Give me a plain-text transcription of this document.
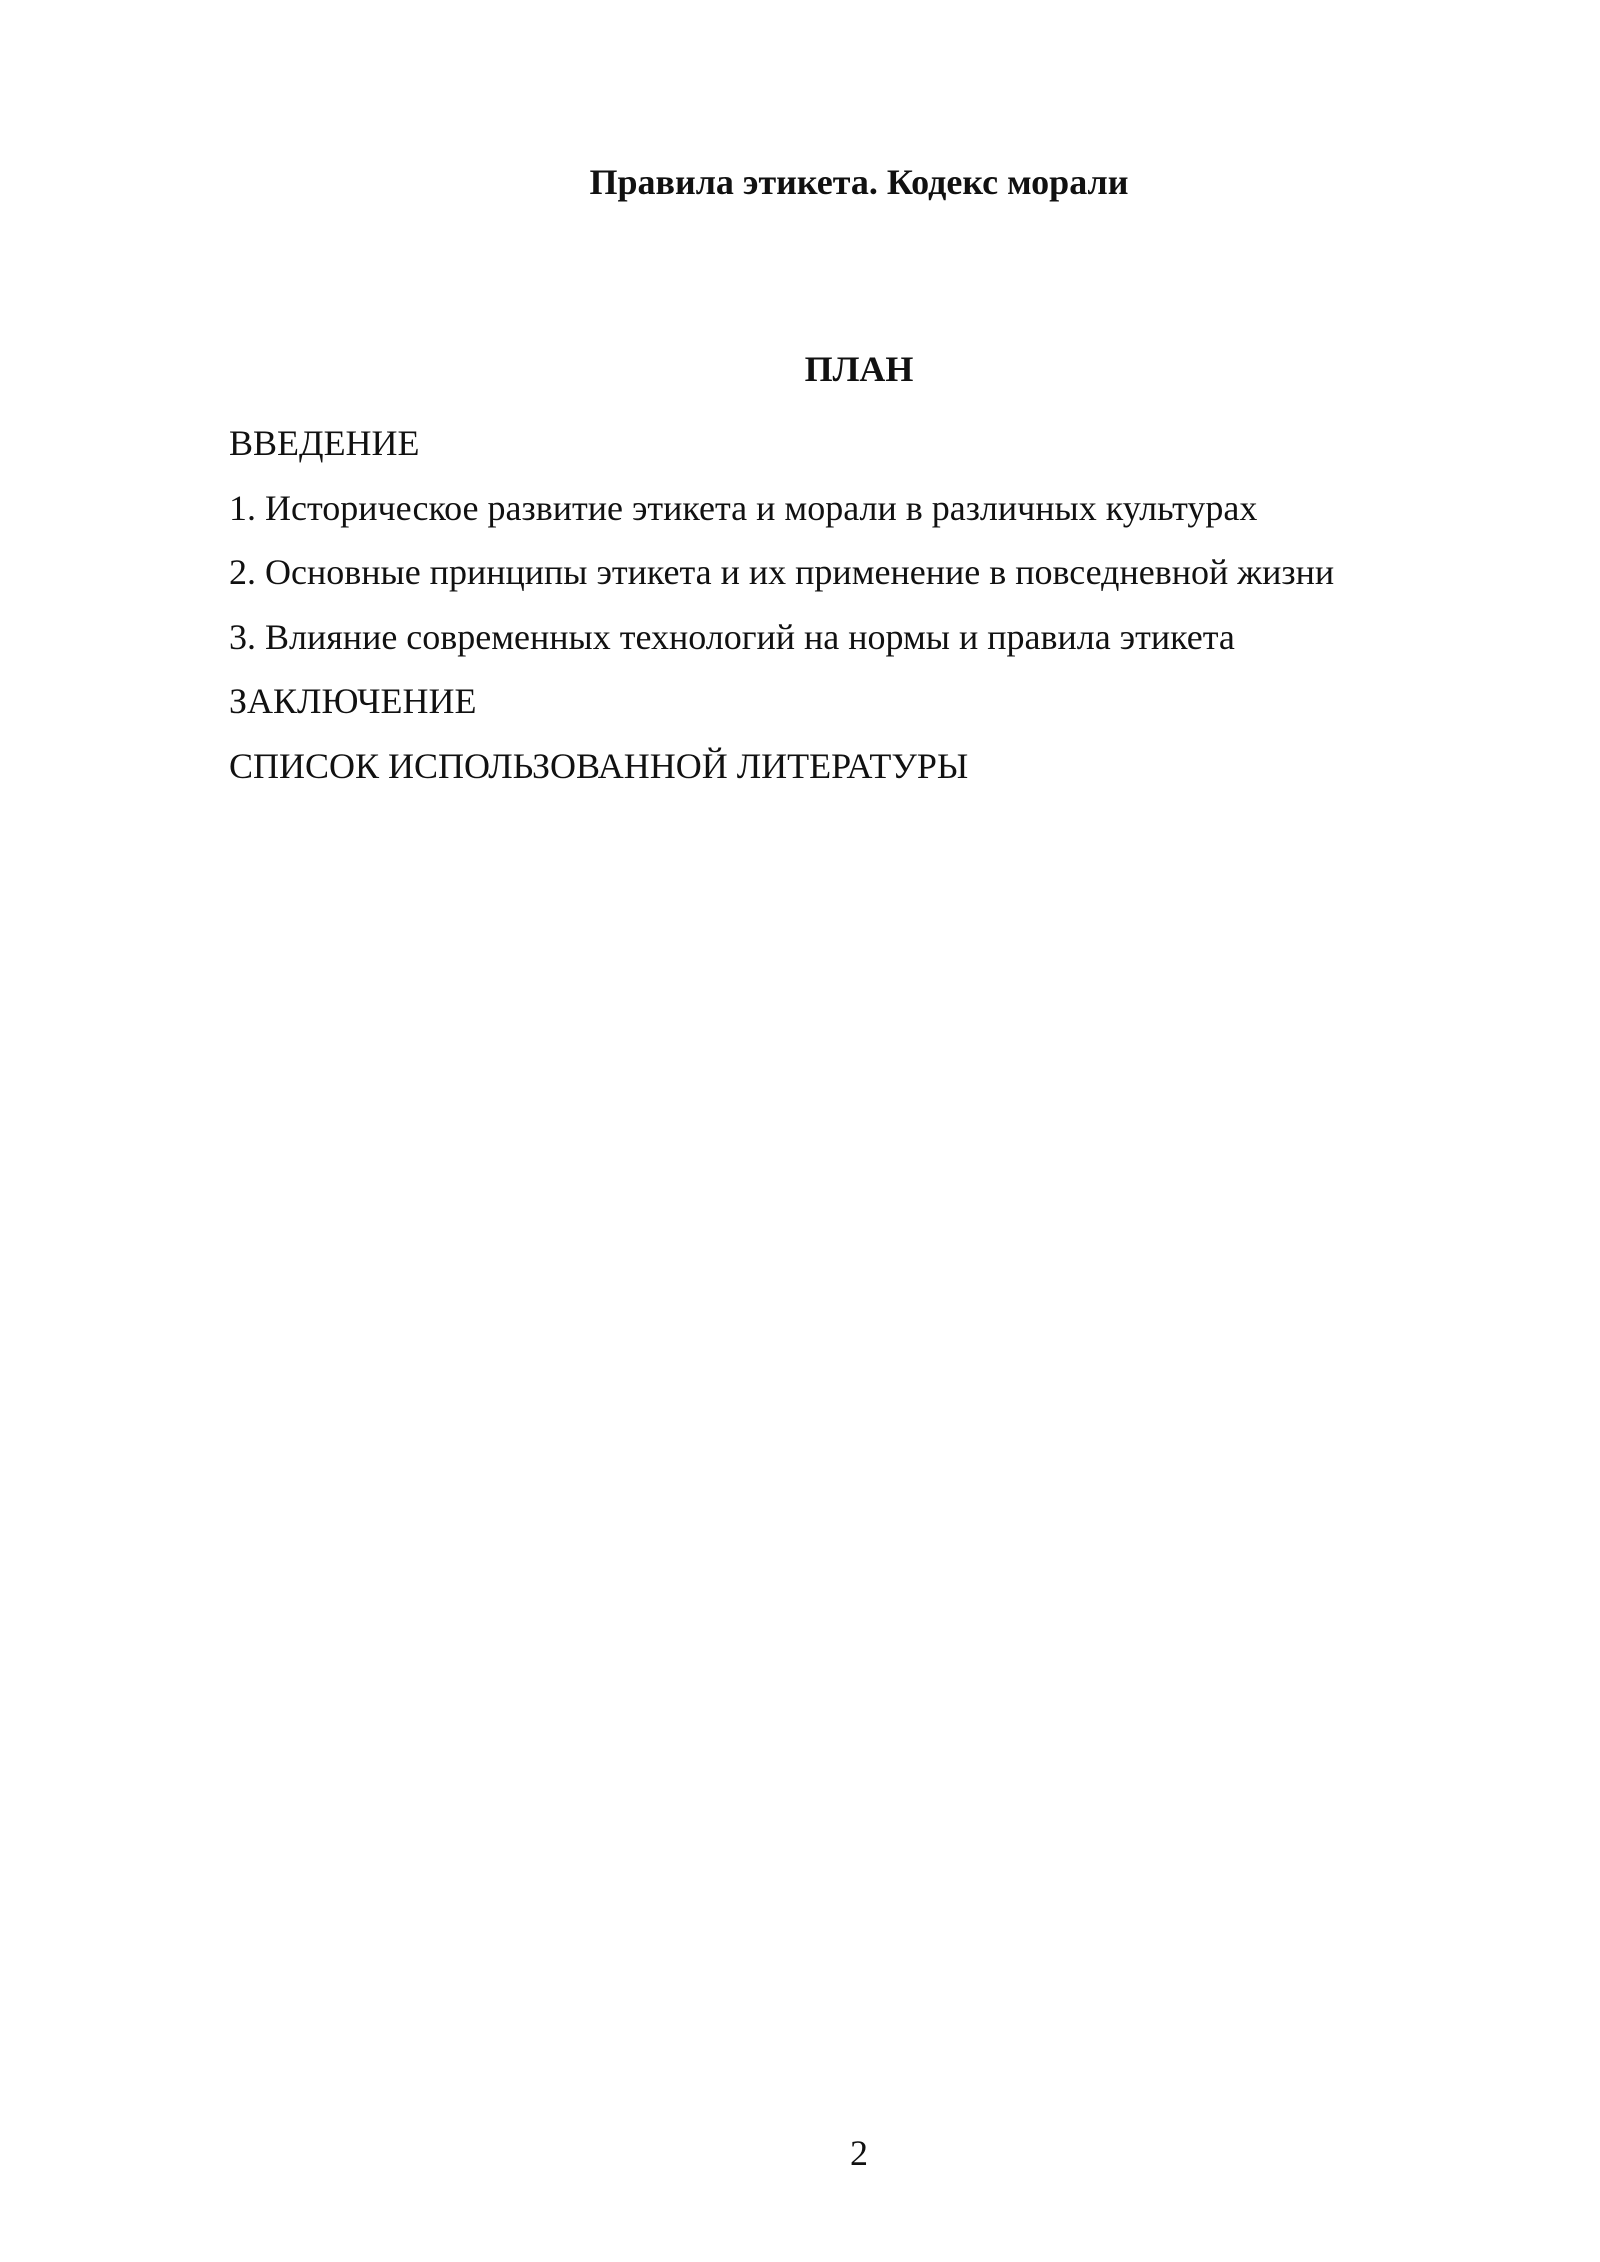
Правила этикета. Кодекс морали
ПЛАН
ВВЕДЕНИЕ
1. Историческое развитие этикета и морали в различных культурах
2. Основные принципы этикета и их применение в повседневной жизни
3. Влияние современных технологий на нормы и правила этикета
ЗАКЛЮЧЕНИЕ
СПИСОК ИСПОЛЬЗОВАННОЙ ЛИТЕРАТУРЫ
2
